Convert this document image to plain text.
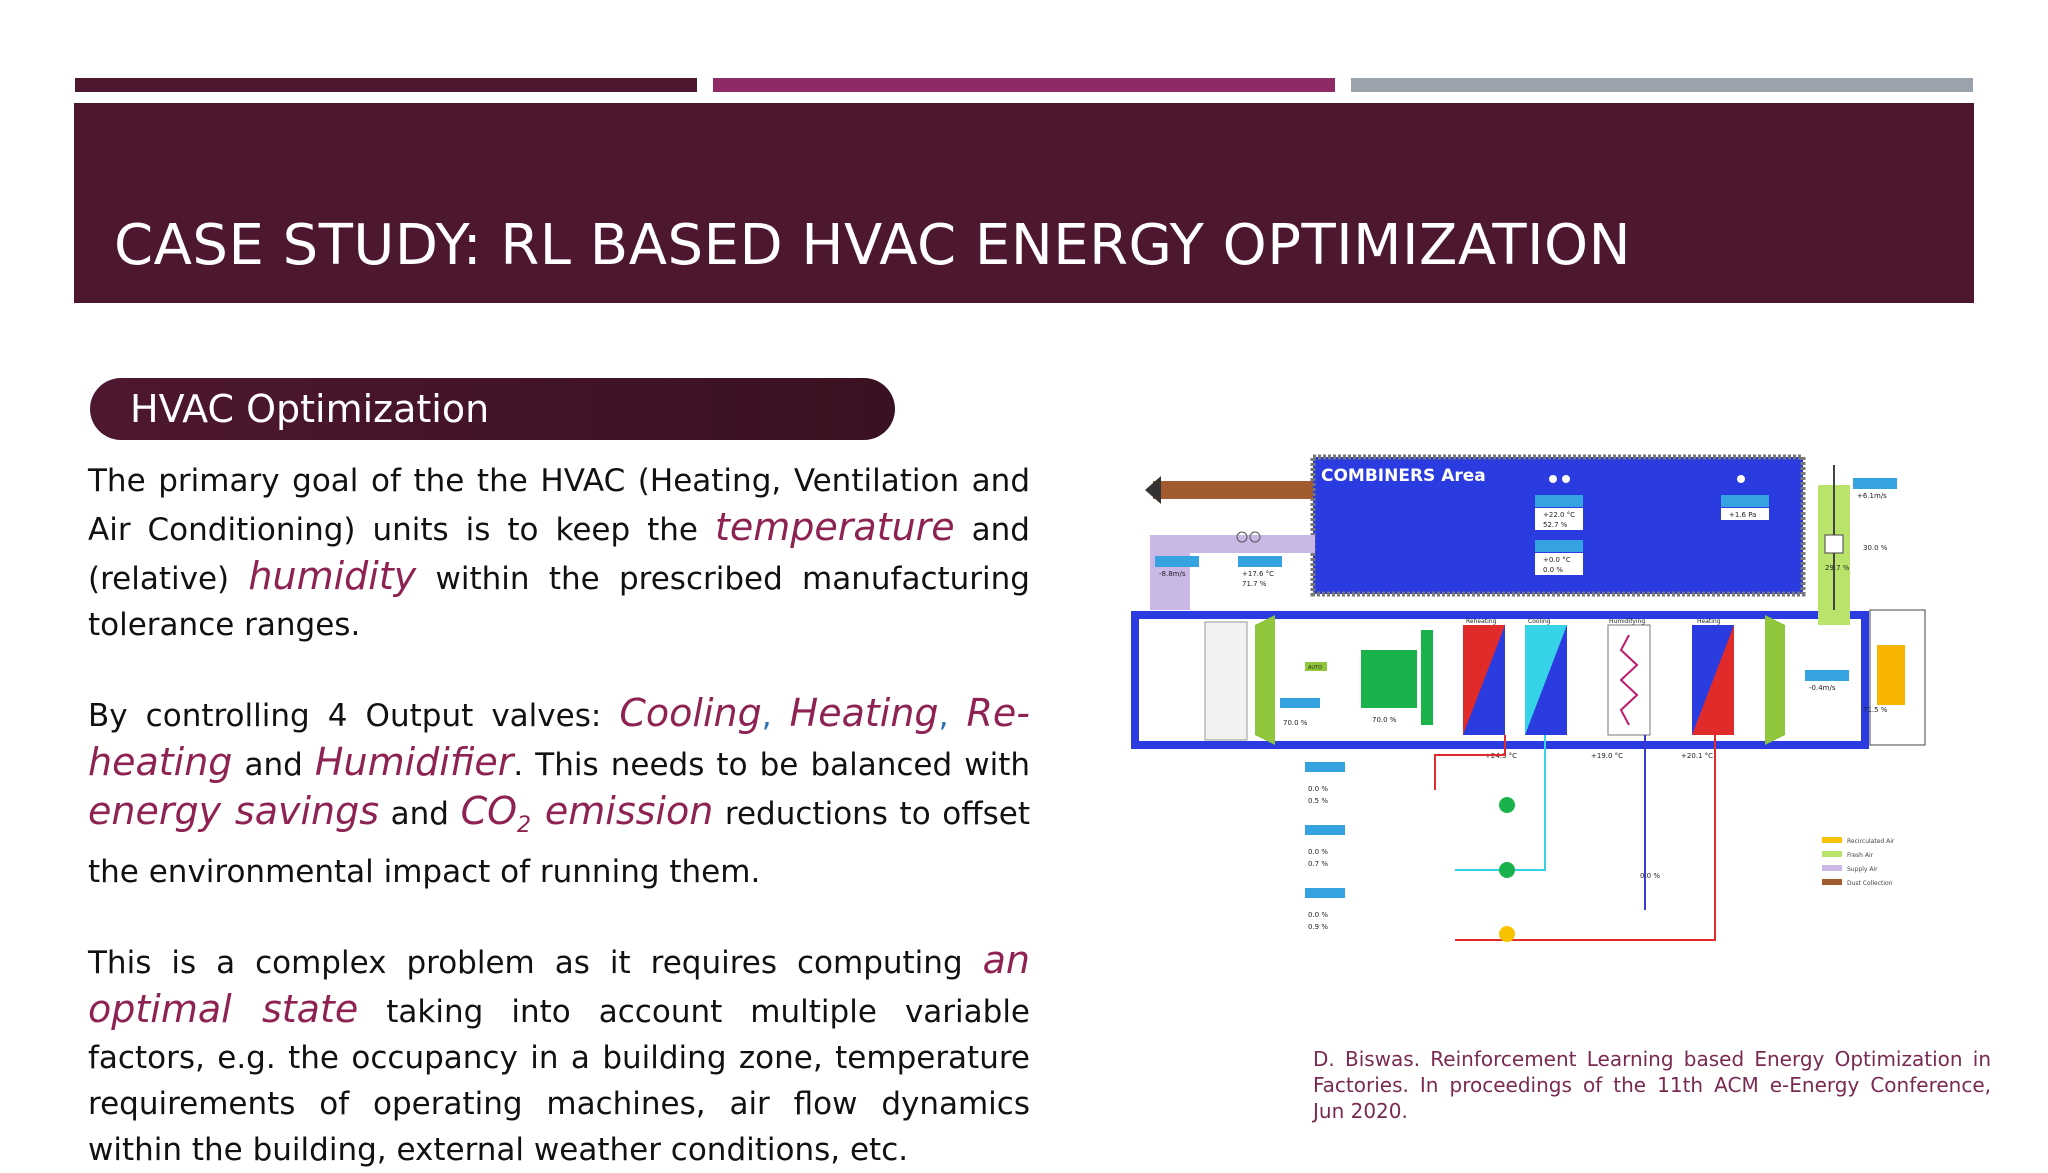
CASE STUDY: RL BASED HVAC ENERGY OPTIMIZATION
HVAC Optimization

The primary goal of the the HVAC (Heating, Ventilation and Air Conditioning) units is to keep the temperature and (relative) humidity within the prescribed manufacturing tolerance ranges.

By controlling 4 Output valves: Cooling, Heating, Re-heating and Humidifier. This needs to be balanced with energy savings and $CO_2$ emission reductions to offset the environmental impact of running them.

This is a complex problem as it requires computing an optimal state taking into account multiple variable factors, e.g. the occupancy in a building zone, temperature requirements of operating machines, air flow dynamics within the building, external weather conditions, etc.

COMBINERS Area
+22.0 °C
52.7 %
+0.0 °C
0.0 %
+1.6 Pa
-8.8m/s	+17.6 °C
71.7 %
70.0 %
Reheating	Cooling	Humidifying	Heating
+6.1m/s
30.0 %
29.7 %
-0.4m/s
71.5 %
+24.3 °C	+19.0 °C	+20.1 °C
AUTO
70.0 %
0.0 %
0.5 %
0.0 %
0.7 %
0.0 %
0.9 %
0.0 %
Recirculated Air
Fresh Air
Supply Air
Dust Collection
D. Biswas. Reinforcement Learning based Energy Optimization in Factories. In proceedings of the 11th ACM e-Energy Conference, Jun 2020.
